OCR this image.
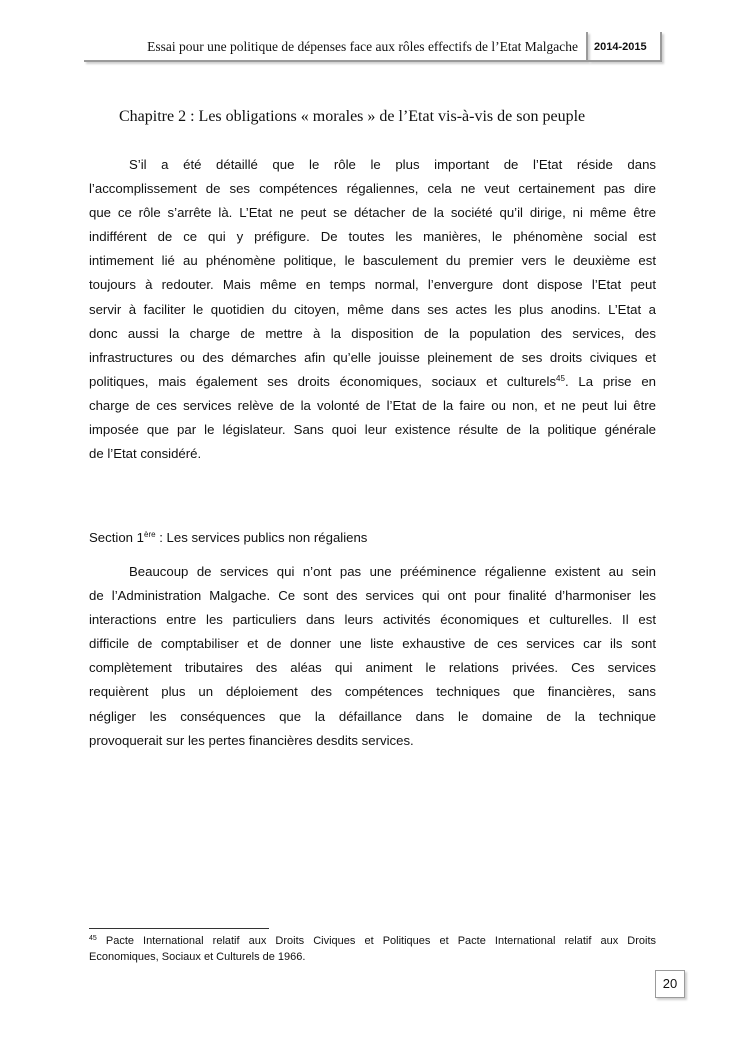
Essai pour une politique de dépenses face aux rôles effectifs de l’Etat Malgache	2014-2015
Chapitre 2 : Les obligations « morales » de l’Etat vis-à-vis de son peuple
S’il a été détaillé que le rôle le plus important de l’Etat réside dans
l’accomplissement de ses compétences régaliennes, cela ne veut certainement pas dire
que ce rôle s’arrête là. L’Etat ne peut se détacher de la société qu’il dirige, ni même être
indifférent de ce qui y préfigure. De toutes les manières, le phénomène social est
intimement lié au phénomène politique, le basculement du premier vers le deuxième est
toujours à redouter. Mais même en temps normal, l’envergure dont dispose l’Etat peut
servir à faciliter le quotidien du citoyen, même dans ses actes les plus anodins. L’Etat a
donc aussi la charge de mettre à la disposition de la population des services, des
infrastructures ou des démarches afin qu’elle jouisse pleinement de ses droits civiques et
politiques, mais également ses droits économiques, sociaux et culturels$^{45}$. La prise en
charge de ces services relève de la volonté de l’Etat de la faire ou non, et ne peut lui être
imposée que par le législateur. Sans quoi leur existence résulte de la politique générale
de l’Etat considéré.
Section 1ère : Les services publics non régaliens
Beaucoup de services qui n’ont pas une prééminence régalienne existent au sein
de l’Administration Malgache. Ce sont des services qui ont pour finalité d’harmoniser les
interactions entre les particuliers dans leurs activités économiques et culturelles. Il est
difficile de comptabiliser et de donner une liste exhaustive de ces services car ils sont
complètement tributaires des aléas qui animent le relations privées. Ces services
requièrent plus un déploiement des compétences techniques que financières, sans
négliger les conséquences que la défaillance dans le domaine de la technique
provoquerait sur les pertes financières desdits services.
$^{45}$ Pacte International relatif aux Droits Civiques et Politiques et Pacte International relatif aux Droits
Economiques, Sociaux et Culturels de 1966.
20
